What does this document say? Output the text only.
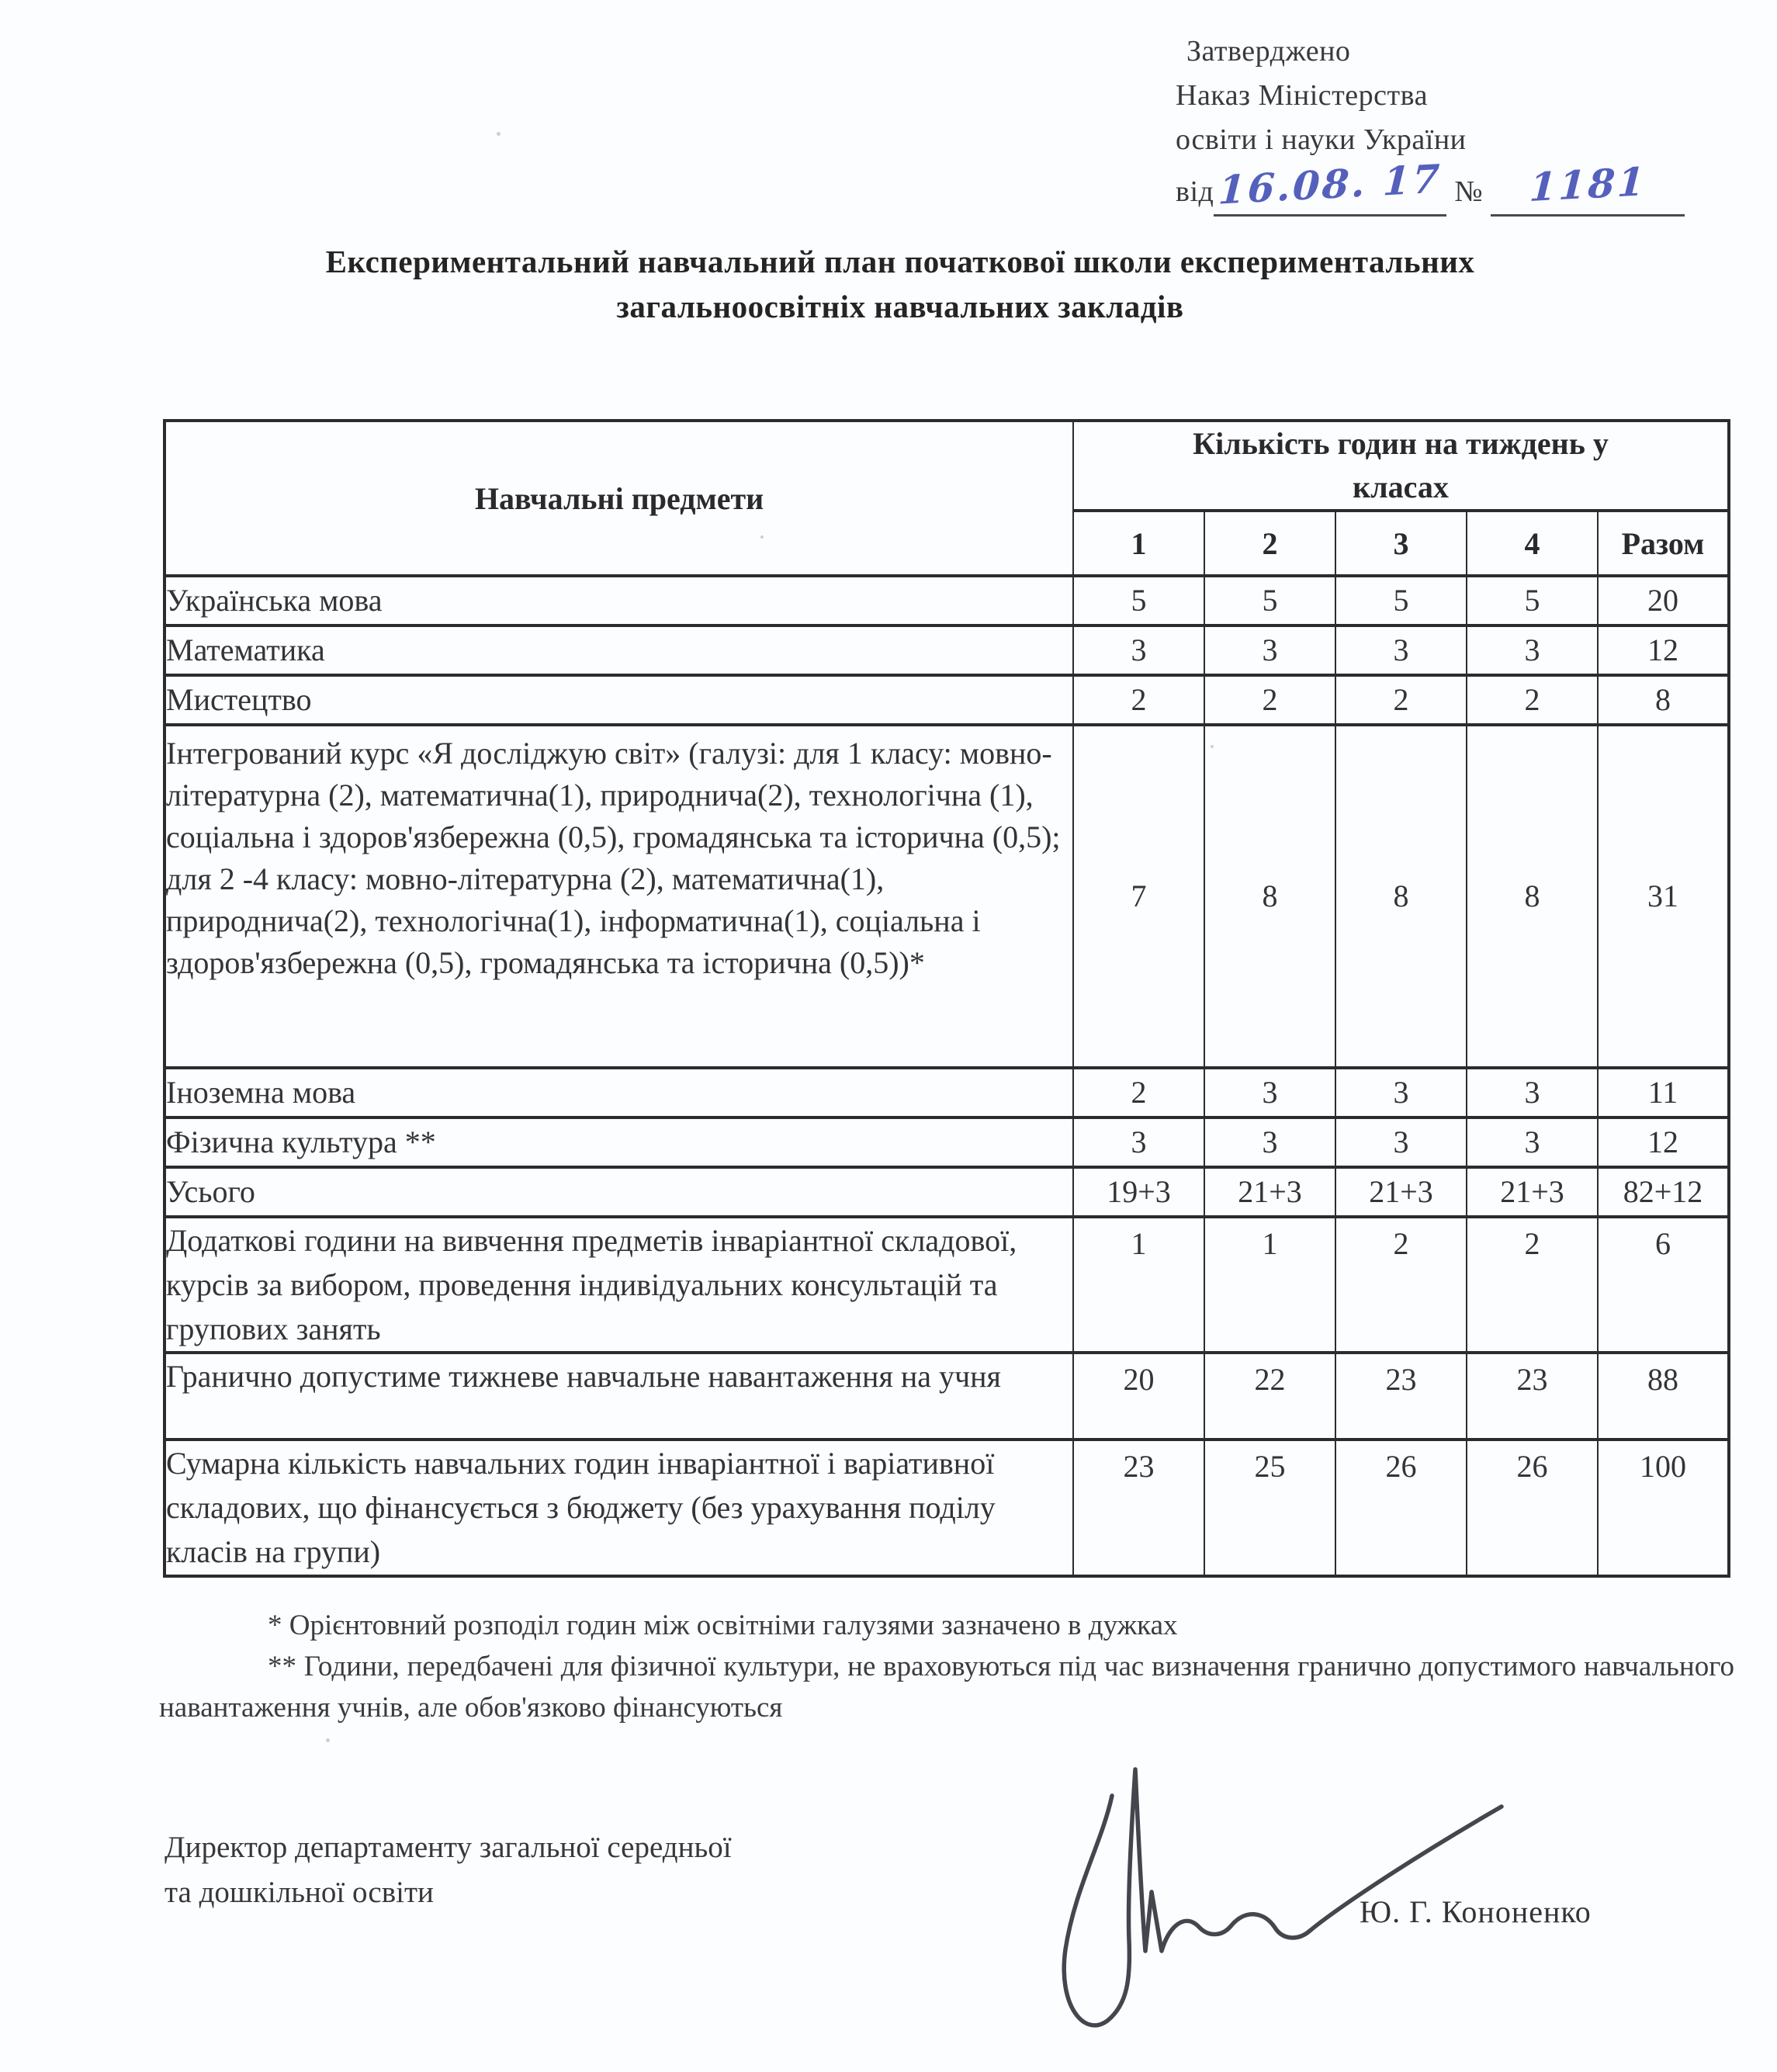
Затверджено
Наказ Міністерства
освіти і науки України
від16.08. 17 № 1181
Експериментальний навчальний план початкової школи експериментальних
загальноосвітніх навчальних закладів
Навчальні предмети	Кількість годин на тиждень у класах				
	1	2	3	4	Разом
Українська мова	5	5	5	5	20
Математика	3	3	3	3	12
Мистецтво	2	2	2	2	8
Інтегрований курс «Я досліджую світ» (галузі: для 1 класу: мовно-літературна (2), математична(1), природнича(2), технологічна (1), соціальна і здоров'язбережна (0,5), громадянська та історична (0,5); для 2 -4 класу: мовно-літературна (2), математична(1), природнича(2), технологічна(1), інформатична(1), соціальна і здоров'язбережна (0,5), громадянська та історична (0,5))*	7	8	8	8	31
Іноземна мова	2	3	3	3	11
Фізична культура **	3	3	3	3	12
Усього	19+3	21+3	21+3	21+3	82+12
Додаткові години на вивчення предметів інваріантної складової, курсів за вибором, проведення індивідуальних консультацій та групових занять	1	1	2	2	6
Гранично допустиме тижневе навчальне навантаження на учня	20	22	23	23	88
Сумарна кількість навчальних годин інваріантної і варіативної складових, що фінансується з бюджету (без урахування поділу класів на групи)	23	25	26	26	100

* Орієнтовний розподіл годин між освітніми галузями зазначено в дужках

** Години, передбачені для фізичної культури, не враховуються під час визначення гранично допустимого навчального навантаження учнів, але обов'язково фінансуються

Директор департаменту загальної середньої
та дошкільної освіти
Ю. Г. Кононенко
